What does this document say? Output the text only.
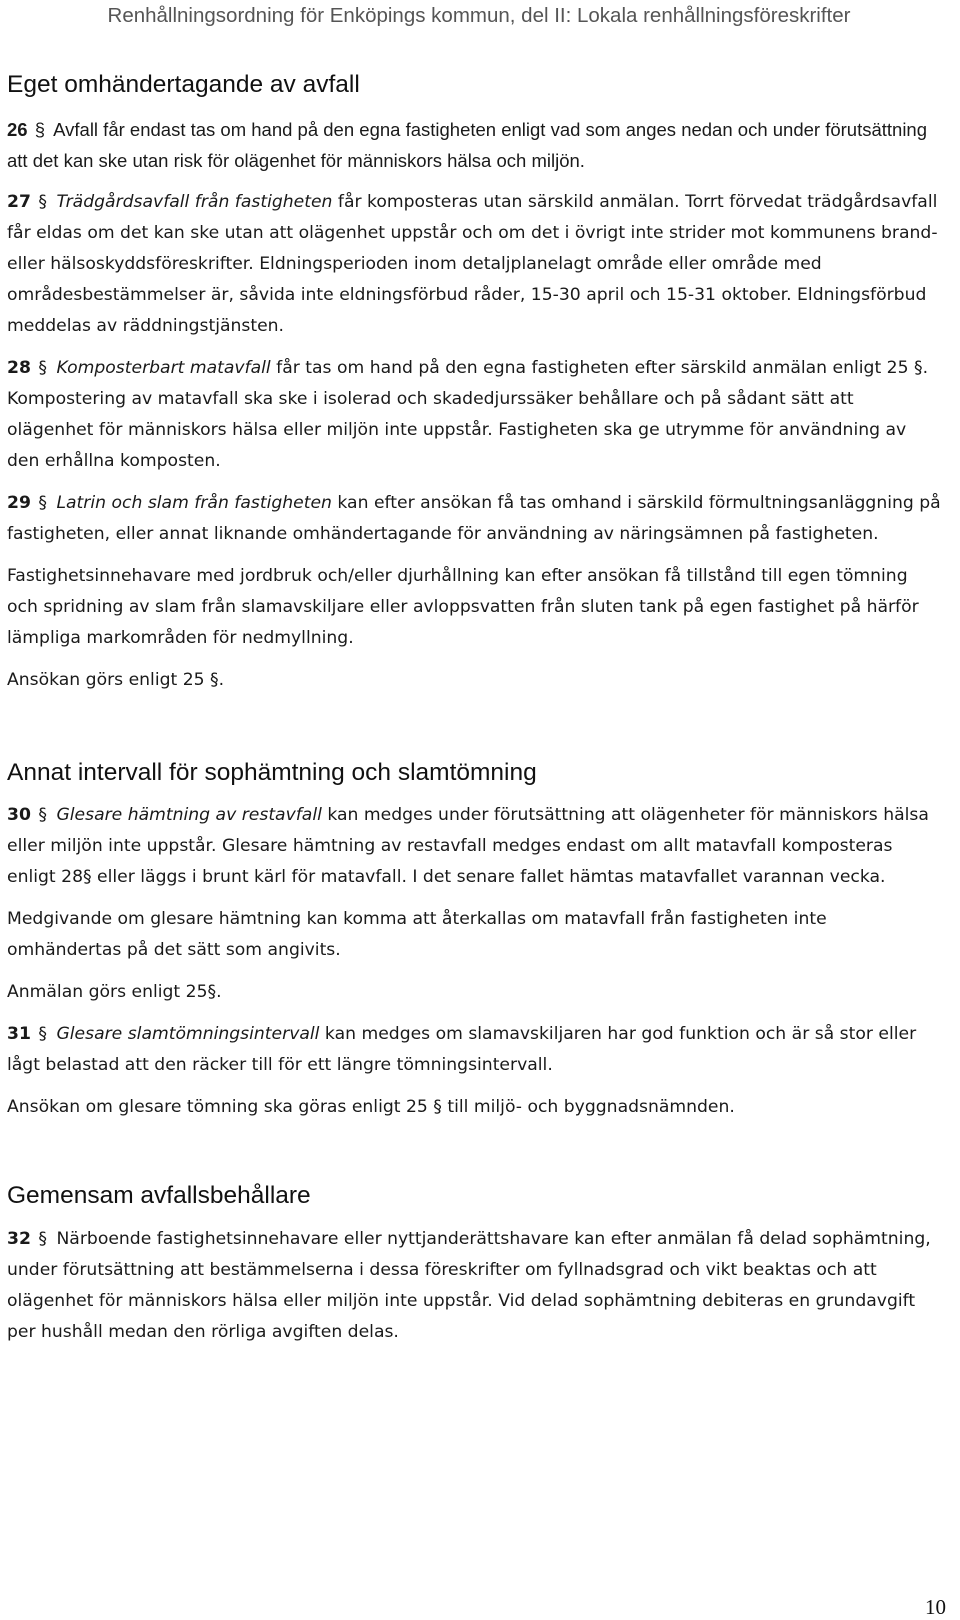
Renhållningsordning för Enköpings kommun, del II: Lokala renhållningsföreskrifter
Eget omhändertagande av avfall

26 § Avfall får endast tas om hand på den egna fastigheten enligt vad som anges nedan och under förutsättning att det kan ske utan risk för olägenhet för människors hälsa och miljön.

27 § Trädgårdsavfall från fastigheten får komposteras utan särskild anmälan. Torrt förvedat trädgårdsavfall får eldas om det kan ske utan att olägenhet uppstår och om det i övrigt inte strider mot kommunens brand- eller hälsoskyddsföreskrifter. Eldningsperioden inom detaljplanelagt område eller område med områdesbestämmelser är, såvida inte eldningsförbud råder, 15-30 april och 15-31 oktober. Eldningsförbud meddelas av räddningstjänsten.

28 § Komposterbart matavfall får tas om hand på den egna fastigheten efter särskild anmälan enligt 25 §. Kompostering av matavfall ska ske i isolerad och skadedjurssäker behållare och på sådant sätt att olägenhet för människors hälsa eller miljön inte uppstår. Fastigheten ska ge utrymme för användning av den erhållna komposten.

29 § Latrin och slam från fastigheten kan efter ansökan få tas omhand i särskild förmultningsanläggning på fastigheten, eller annat liknande omhändertagande för användning av näringsämnen på fastigheten.

Fastighetsinnehavare med jordbruk och/eller djurhållning kan efter ansökan få tillstånd till egen tömning och spridning av slam från slamavskiljare eller avloppsvatten från sluten tank på egen fastighet på härför lämpliga markområden för nedmyllning.

Ansökan görs enligt 25 §.

Annat intervall för sophämtning och slamtömning

30 § Glesare hämtning av restavfall kan medges under förutsättning att olägenheter för människors hälsa eller miljön inte uppstår. Glesare hämtning av restavfall medges endast om allt matavfall komposteras enligt 28§ eller läggs i brunt kärl för matavfall. I det senare fallet hämtas matavfallet varannan vecka.

Medgivande om glesare hämtning kan komma att återkallas om matavfall från fastigheten inte omhändertas på det sätt som angivits.

Anmälan görs enligt 25§.

31 § Glesare slamtömningsintervall kan medges om slamavskiljaren har god funktion och är så stor eller lågt belastad att den räcker till för ett längre tömningsintervall.

Ansökan om glesare tömning ska göras enligt 25 § till miljö- och byggnadsnämnden.

Gemensam avfallsbehållare

32 § Närboende fastighetsinnehavare eller nyttjanderättshavare kan efter anmälan få delad sophämtning, under förutsättning att bestämmelserna i dessa föreskrifter om fyllnadsgrad och vikt beaktas och att olägenhet för människors hälsa eller miljön inte uppstår. Vid delad sophämtning debiteras en grundavgift per hushåll medan den rörliga avgiften delas.

10
